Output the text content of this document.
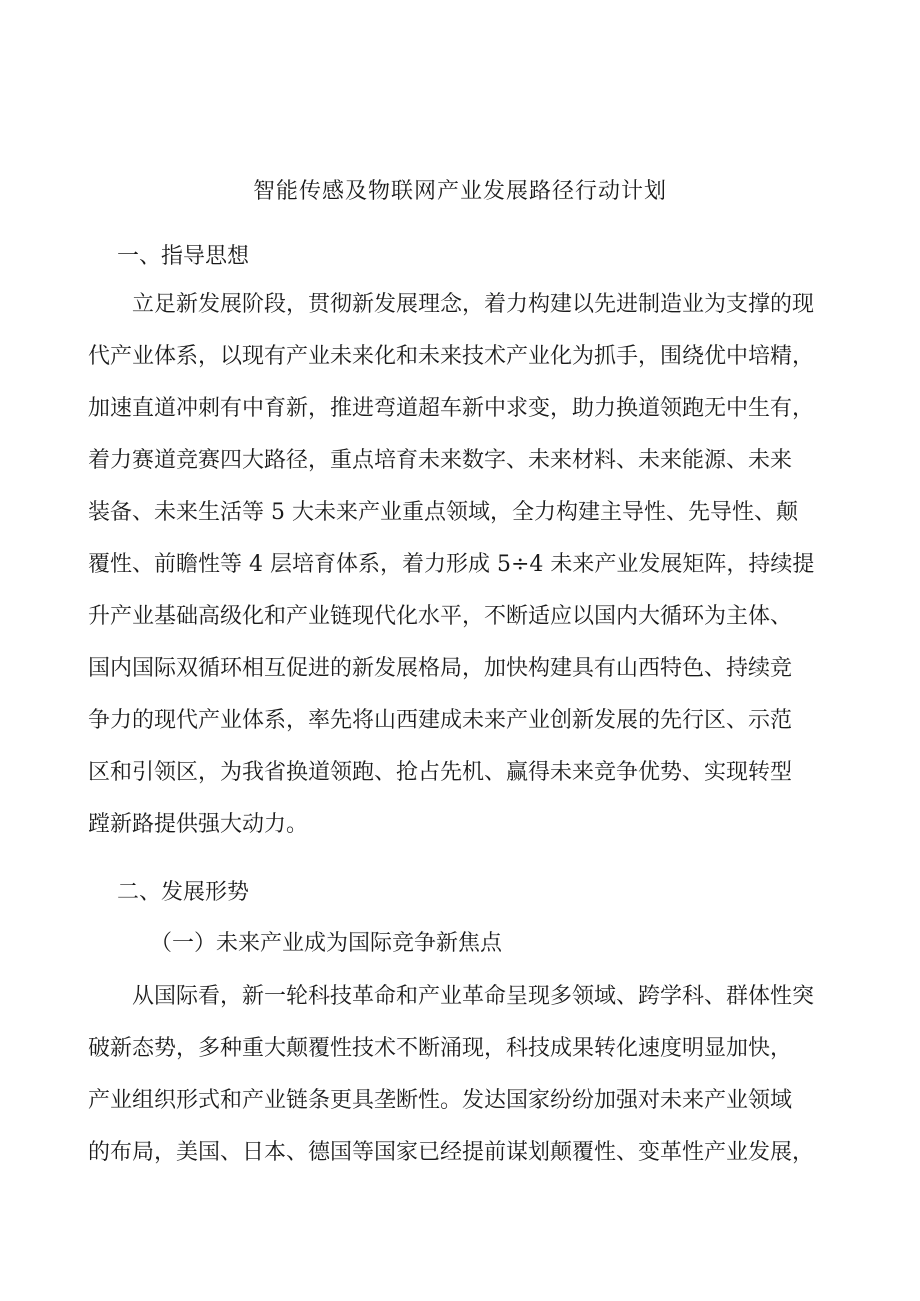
智能传感及物联网产业发展路径行动计划
一、指导思想
立足新发展阶段，贯彻新发展理念，着力构建以先进制造业为支撑的现
代产业体系，以现有产业未来化和未来技术产业化为抓手，围绕优中培精，
加速直道冲刺有中育新，推进弯道超车新中求变，助力换道领跑无中生有，
着力赛道竞赛四大路径，重点培育未来数字、未来材料、未来能源、未来
装备、未来生活等 5 大未来产业重点领域，全力构建主导性、先导性、颠
覆性、前瞻性等 4 层培育体系，着力形成 5÷4 未来产业发展矩阵，持续提
升产业基础高级化和产业链现代化水平，不断适应以国内大循环为主体、
国内国际双循环相互促进的新发展格局，加快构建具有山西特色、持续竞
争力的现代产业体系，率先将山西建成未来产业创新发展的先行区、示范
区和引领区，为我省换道领跑、抢占先机、赢得未来竞争优势、实现转型
蹚新路提供强大动力。
二、发展形势
（一）未来产业成为国际竞争新焦点
从国际看，新一轮科技革命和产业革命呈现多领域、跨学科、群体性突
破新态势，多种重大颠覆性技术不断涌现，科技成果转化速度明显加快，
产业组织形式和产业链条更具垄断性。发达国家纷纷加强对未来产业领域
的布局，美国、日本、德国等国家已经提前谋划颠覆性、变革性产业发展，
